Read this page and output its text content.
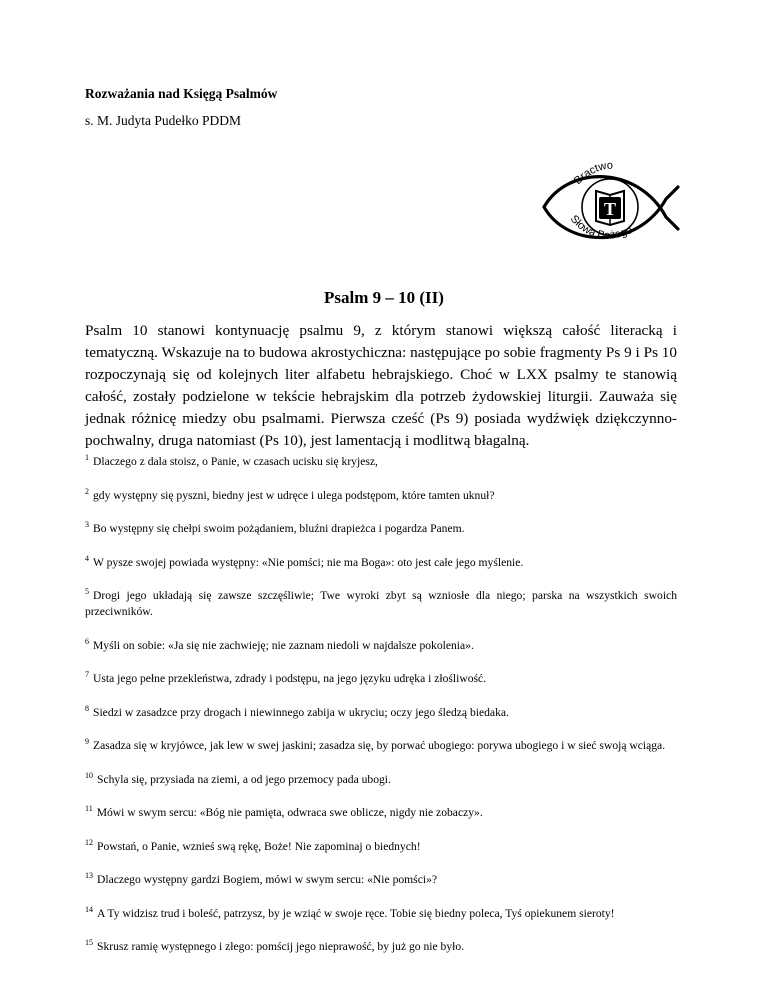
Rozważania nad Księgą Psalmów
s. M. Judyta Pudełko PDDM
T
Bractwo
Słowa Bożego
Psalm 9 – 10 (II)
Psalm 10 stanowi kontynuację psalmu 9, z którym stanowi większą całość literacką i tematyczną. Wskazuje na to budowa akrostychiczna: następujące po sobie fragmenty Ps 9 i Ps 10 rozpoczynają się od kolejnych liter alfabetu hebrajskiego. Choć w LXX psalmy te stanowią całość, zostały podzielone w tekście hebrajskim dla potrzeb żydowskiej liturgii. Zauważa się jednak różnicę miedzy obu psalmami. Pierwsza cześć (Ps 9) posiada wydźwięk dziękczynno-pochwalny, druga natomiast (Ps 10), jest lamentacją i modlitwą błagalną.

$^1$ Dlaczego z dala stoisz, o Panie, w czasach ucisku się kryjesz,

$^2$ gdy występny się pyszni, biedny jest w udręce i ulega podstępom, które tamten uknuł?

$^3$ Bo występny się chełpi swoim pożądaniem, bluźni drapieżca i pogardza Panem.

$^4$ W pysze swojej powiada występny: «Nie pomści; nie ma Boga»: oto jest całe jego myślenie.

$^5$ Drogi jego układają się zawsze szczęśliwie; Twe wyroki zbyt są wzniosłe dla niego; parska na wszystkich swoich przeciwników.

$^6$ Myśli on sobie: «Ja się nie zachwieję; nie zaznam niedoli w najdalsze pokolenia».

$^7$ Usta jego pełne przekleństwa, zdrady i podstępu, na jego języku udręka i złośliwość.

$^8$ Siedzi w zasadzce przy drogach i niewinnego zabija w ukryciu; oczy jego śledzą biedaka.

$^9$ Zasadza się w kryjówce, jak lew w swej jaskini; zasadza się, by porwać ubogiego: porywa ubogiego i w sieć swoją wciąga.

$^{10}$ Schyla się, przysiada na ziemi, a od jego przemocy pada ubogi.

$^{11}$ Mówi w swym sercu: «Bóg nie pamięta, odwraca swe oblicze, nigdy nie zobaczy».

$^{12}$ Powstań, o Panie, wznieś swą rękę, Boże! Nie zapominaj o biednych!

$^{13}$ Dlaczego występny gardzi Bogiem, mówi w swym sercu: «Nie pomści»?

$^{14}$ A Ty widzisz trud i boleść, patrzysz, by je wziąć w swoje ręce. Tobie się biedny poleca, Tyś opiekunem sieroty!

$^{15}$ Skrusz ramię występnego i złego: pomścij jego nieprawość, by już go nie było.
